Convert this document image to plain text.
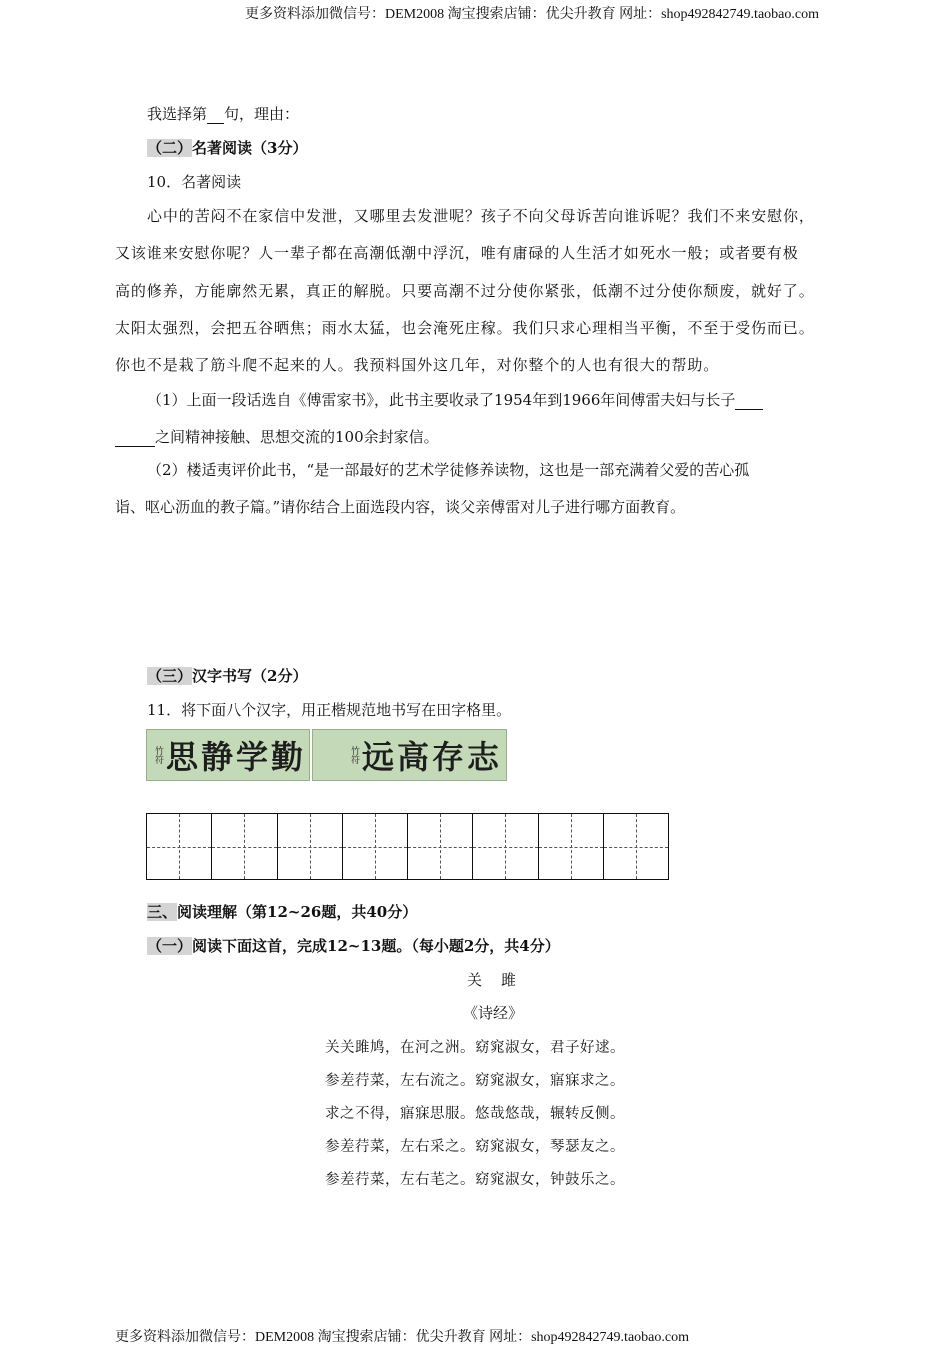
更多资料添加微信号：DEM2008 淘宝搜索店铺：优尖升教育 网址：shop492842749.taobao.com
我选择第 句，理由：
（二）名著阅读（3分）
10．名著阅读
心中的苦闷不在家信中发泄，又哪里去发泄呢？孩子不向父母诉苦向谁诉呢？我们不来安慰你，
又该谁来安慰你呢？人一辈子都在高潮低潮中浮沉，唯有庸碌的人生活才如死水一般；或者要有极
高的修养，方能廓然无累，真正的解脱。只要高潮不过分使你紧张，低潮不过分使你颓废，就好了。
太阳太强烈，会把五谷晒焦；雨水太猛，也会淹死庄稼。我们只求心理相当平衡，不至于受伤而已。
你也不是栽了筋斗爬不起来的人。我预料国外这几年，对你整个的人也有很大的帮助。
（1）上面一段话选自《傅雷家书》，此书主要收录了1954年到1966年间傅雷夫妇与长子
之间精神接触、思想交流的100余封家信。
（2）楼适夷评价此书，“是一部最好的艺术学徒修养读物，这也是一部充满着父爱的苦心孤
诣、呕心沥血的教子篇。”请你结合上面选段内容，谈父亲傅雷对儿子进行哪方面教育。
（三）汉字书写（2分）
11．将下面八个汉字，用正楷规范地书写在田字格里。
竹符 思静学勤	竹符 远高存志
三、阅读理解（第12~26题，共40分）
（一）阅读下面这首，完成12~13题。（每小题2分，共4分）
关　雎
《诗经》
关关雎鸠，在河之洲。窈窕淑女，君子好逑。
参差荇菜，左右流之。窈窕淑女，寤寐求之。
求之不得，寤寐思服。悠哉悠哉，辗转反侧。
参差荇菜，左右采之。窈窕淑女，琴瑟友之。
参差荇菜，左右芼之。窈窕淑女，钟鼓乐之。
更多资料添加微信号：DEM2008 淘宝搜索店铺：优尖升教育 网址：shop492842749.taobao.com
